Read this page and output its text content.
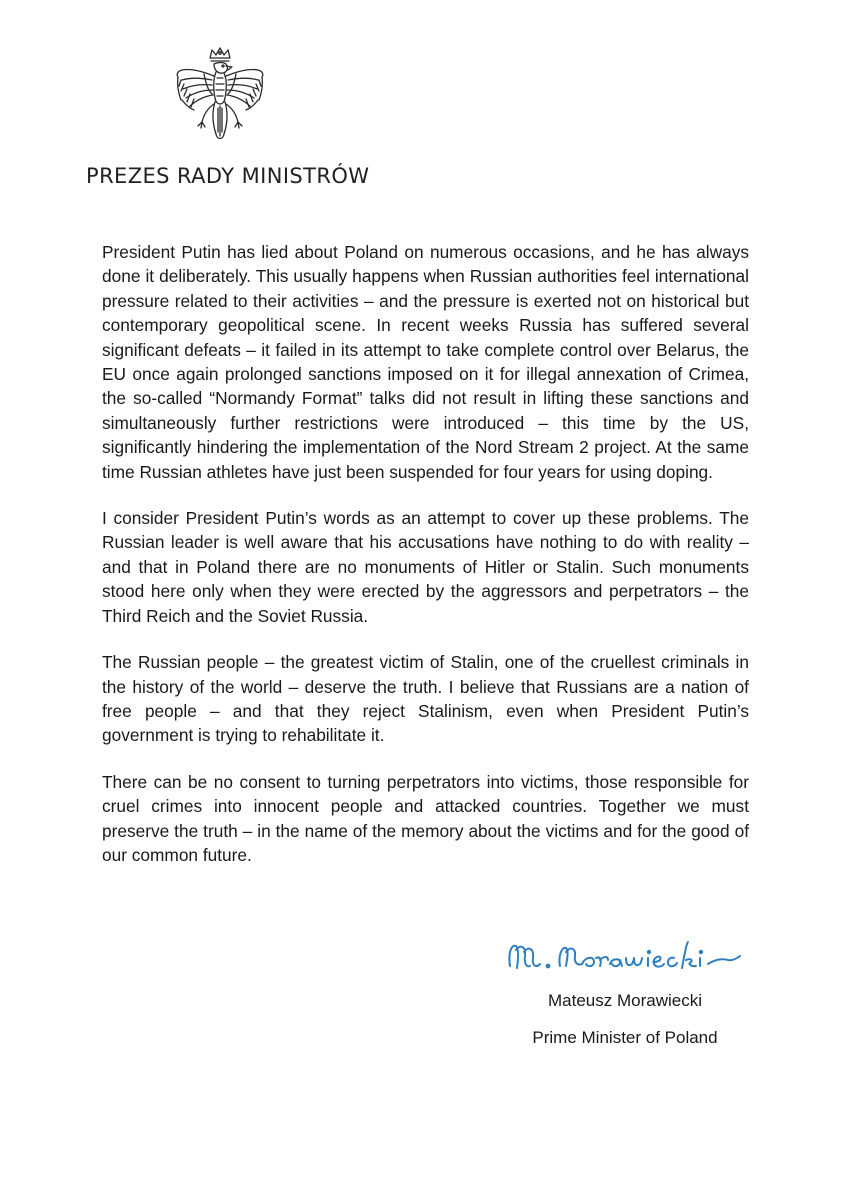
PREZES RADY MINISTRÓW

President Putin has lied about Poland on numerous occasions, and he has always done it deliberately. This usually happens when Russian authorities feel international pressure related to their activities – and the pressure is exerted not on historical but contemporary geopolitical scene. In recent weeks Russia has suffered several significant defeats – it failed in its attempt to take complete control over Belarus, the EU once again prolonged sanctions imposed on it for illegal annexation of Crimea, the so-called “Normandy Format” talks did not result in lifting these sanctions and simultaneously further restrictions were introduced – this time by the US, significantly hindering the implementation of the Nord Stream 2 project. At the same time Russian athletes have just been suspended for four years for using doping.

I consider President Putin’s words as an attempt to cover up these problems. The Russian leader is well aware that his accusations have nothing to do with reality – and that in Poland there are no monuments of Hitler or Stalin. Such monuments stood here only when they were erected by the aggressors and perpetrators – the Third Reich and the Soviet Russia.

The Russian people – the greatest victim of Stalin, one of the cruellest criminals in the history of the world – deserve the truth. I believe that Russians are a nation of free people – and that they reject Stalinism, even when President Putin’s government is trying to rehabilitate it.

There can be no consent to turning perpetrators into victims, those responsible for cruel crimes into innocent people and attacked countries. Together we must preserve the truth – in the name of the memory about the victims and for the good of our common future.

Mateusz Morawiecki
Prime Minister of Poland
